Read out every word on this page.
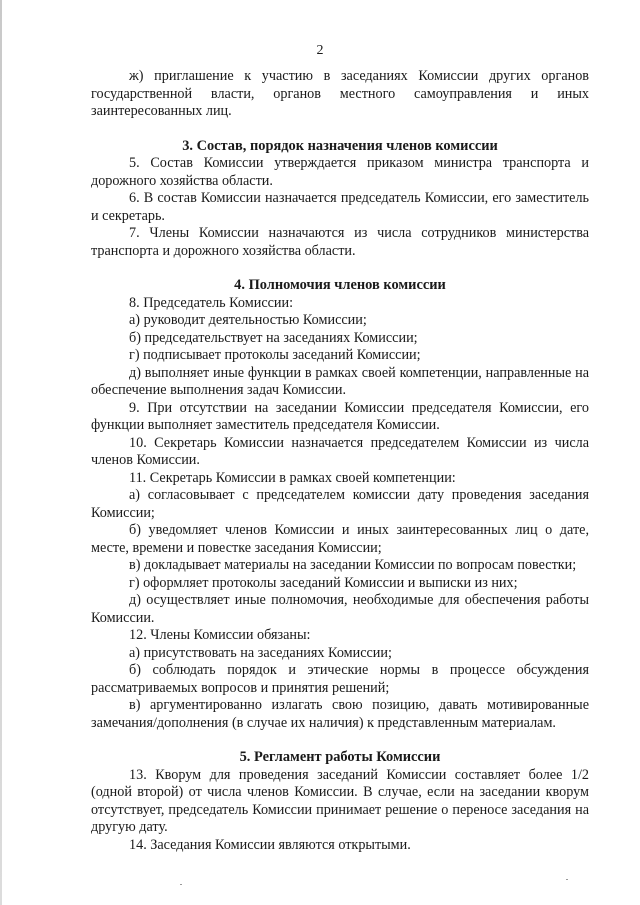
2

ж) приглашение к участию в заседаниях Комиссии других органов государственной власти, органов местного самоуправления и иных заинтересованных лиц.

3. Состав, порядок назначения членов комиссии

5. Состав Комиссии утверждается приказом министра транспорта и дорожного хозяйства области.

6. В состав Комиссии назначается председатель Комиссии, его заместитель и секретарь.

7. Члены Комиссии назначаются из числа сотрудников министерства транспорта и дорожного хозяйства области.

4. Полномочия членов комиссии

8. Председатель Комиссии:

а) руководит деятельностью Комиссии;

б) председательствует на заседаниях Комиссии;

г) подписывает протоколы заседаний Комиссии;

д) выполняет иные функции в рамках своей компетенции, направленные на обеспечение выполнения задач Комиссии.

9. При отсутствии на заседании Комиссии председателя Комиссии, его функции выполняет заместитель председателя Комиссии.

10. Секретарь Комиссии назначается председателем Комиссии из числа членов Комиссии.

11. Секретарь Комиссии в рамках своей компетенции:

а) согласовывает с председателем комиссии дату проведения заседания Комиссии;

б) уведомляет членов Комиссии и иных заинтересованных лиц о дате, месте, времени и повестке заседания Комиссии;

в) докладывает материалы на заседании Комиссии по вопросам повестки;

г) оформляет протоколы заседаний Комиссии и выписки из них;

д) осуществляет иные полномочия, необходимые для обеспечения работы Комиссии.

12. Члены Комиссии обязаны:

а) присутствовать на заседаниях Комиссии;

б) соблюдать порядок и этические нормы в процессе обсуждения рассматриваемых вопросов и принятия решений;

в) аргументированно излагать свою позицию, давать мотивированные замечания/дополнения (в случае их наличия) к представленным материалам.

5. Регламент работы Комиссии

13. Кворум для проведения заседаний Комиссии составляет более 1/2 (одной второй) от числа членов Комиссии. В случае, если на заседании кворум отсутствует, председатель Комиссии принимает решение о переносе заседания на другую дату.

14. Заседания Комиссии являются открытыми.
